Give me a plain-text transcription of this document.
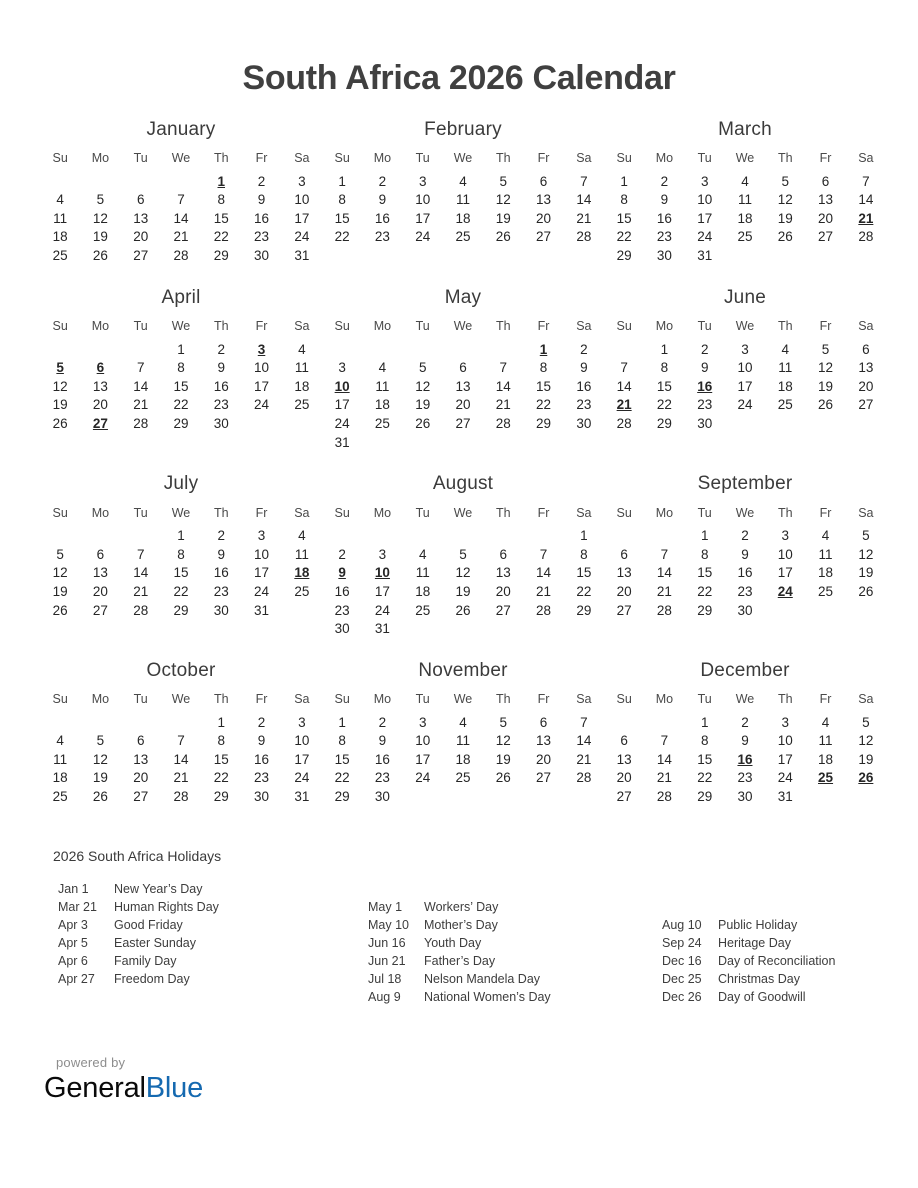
South Africa 2026 Calendar
January
Su	Mo	Tu	We	Th	Fr	Sa
				1	2	3
4	5	6	7	8	9	10
11	12	13	14	15	16	17
18	19	20	21	22	23	24
25	26	27	28	29	30	31
February
Su	Mo	Tu	We	Th	Fr	Sa
1	2	3	4	5	6	7
8	9	10	11	12	13	14
15	16	17	18	19	20	21
22	23	24	25	26	27	28
March
Su	Mo	Tu	We	Th	Fr	Sa
1	2	3	4	5	6	7
8	9	10	11	12	13	14
15	16	17	18	19	20	21
22	23	24	25	26	27	28
29	30	31				
April
Su	Mo	Tu	We	Th	Fr	Sa
			1	2	3	4
5	6	7	8	9	10	11
12	13	14	15	16	17	18
19	20	21	22	23	24	25
26	27	28	29	30		
May
Su	Mo	Tu	We	Th	Fr	Sa
					1	2
3	4	5	6	7	8	9
10	11	12	13	14	15	16
17	18	19	20	21	22	23
24	25	26	27	28	29	30
31						
June
Su	Mo	Tu	We	Th	Fr	Sa
	1	2	3	4	5	6
7	8	9	10	11	12	13
14	15	16	17	18	19	20
21	22	23	24	25	26	27
28	29	30				
July
Su	Mo	Tu	We	Th	Fr	Sa
			1	2	3	4
5	6	7	8	9	10	11
12	13	14	15	16	17	18
19	20	21	22	23	24	25
26	27	28	29	30	31	
August
Su	Mo	Tu	We	Th	Fr	Sa
						1
2	3	4	5	6	7	8
9	10	11	12	13	14	15
16	17	18	19	20	21	22
23	24	25	26	27	28	29
30	31					
September
Su	Mo	Tu	We	Th	Fr	Sa
		1	2	3	4	5
6	7	8	9	10	11	12
13	14	15	16	17	18	19
20	21	22	23	24	25	26
27	28	29	30			
October
Su	Mo	Tu	We	Th	Fr	Sa
				1	2	3
4	5	6	7	8	9	10
11	12	13	14	15	16	17
18	19	20	21	22	23	24
25	26	27	28	29	30	31
November
Su	Mo	Tu	We	Th	Fr	Sa
1	2	3	4	5	6	7
8	9	10	11	12	13	14
15	16	17	18	19	20	21
22	23	24	25	26	27	28
29	30					
December
Su	Mo	Tu	We	Th	Fr	Sa
		1	2	3	4	5
6	7	8	9	10	11	12
13	14	15	16	17	18	19
20	21	22	23	24	25	26
27	28	29	30	31		
2026 South Africa Holidays
Jan 1	New Year’s Day
Mar 21	Human Rights Day
Apr 3	Good Friday
Apr 5	Easter Sunday
Apr 6	Family Day
Apr 27	Freedom Day
May 1	Workers’ Day
May 10	Mother’s Day
Jun 16	Youth Day
Jun 21	Father’s Day
Jul 18	Nelson Mandela Day
Aug 9	National Women’s Day
Aug 10	Public Holiday
Sep 24	Heritage Day
Dec 16	Day of Reconciliation
Dec 25	Christmas Day
Dec 26	Day of Goodwill
powered by
GeneralBlue
